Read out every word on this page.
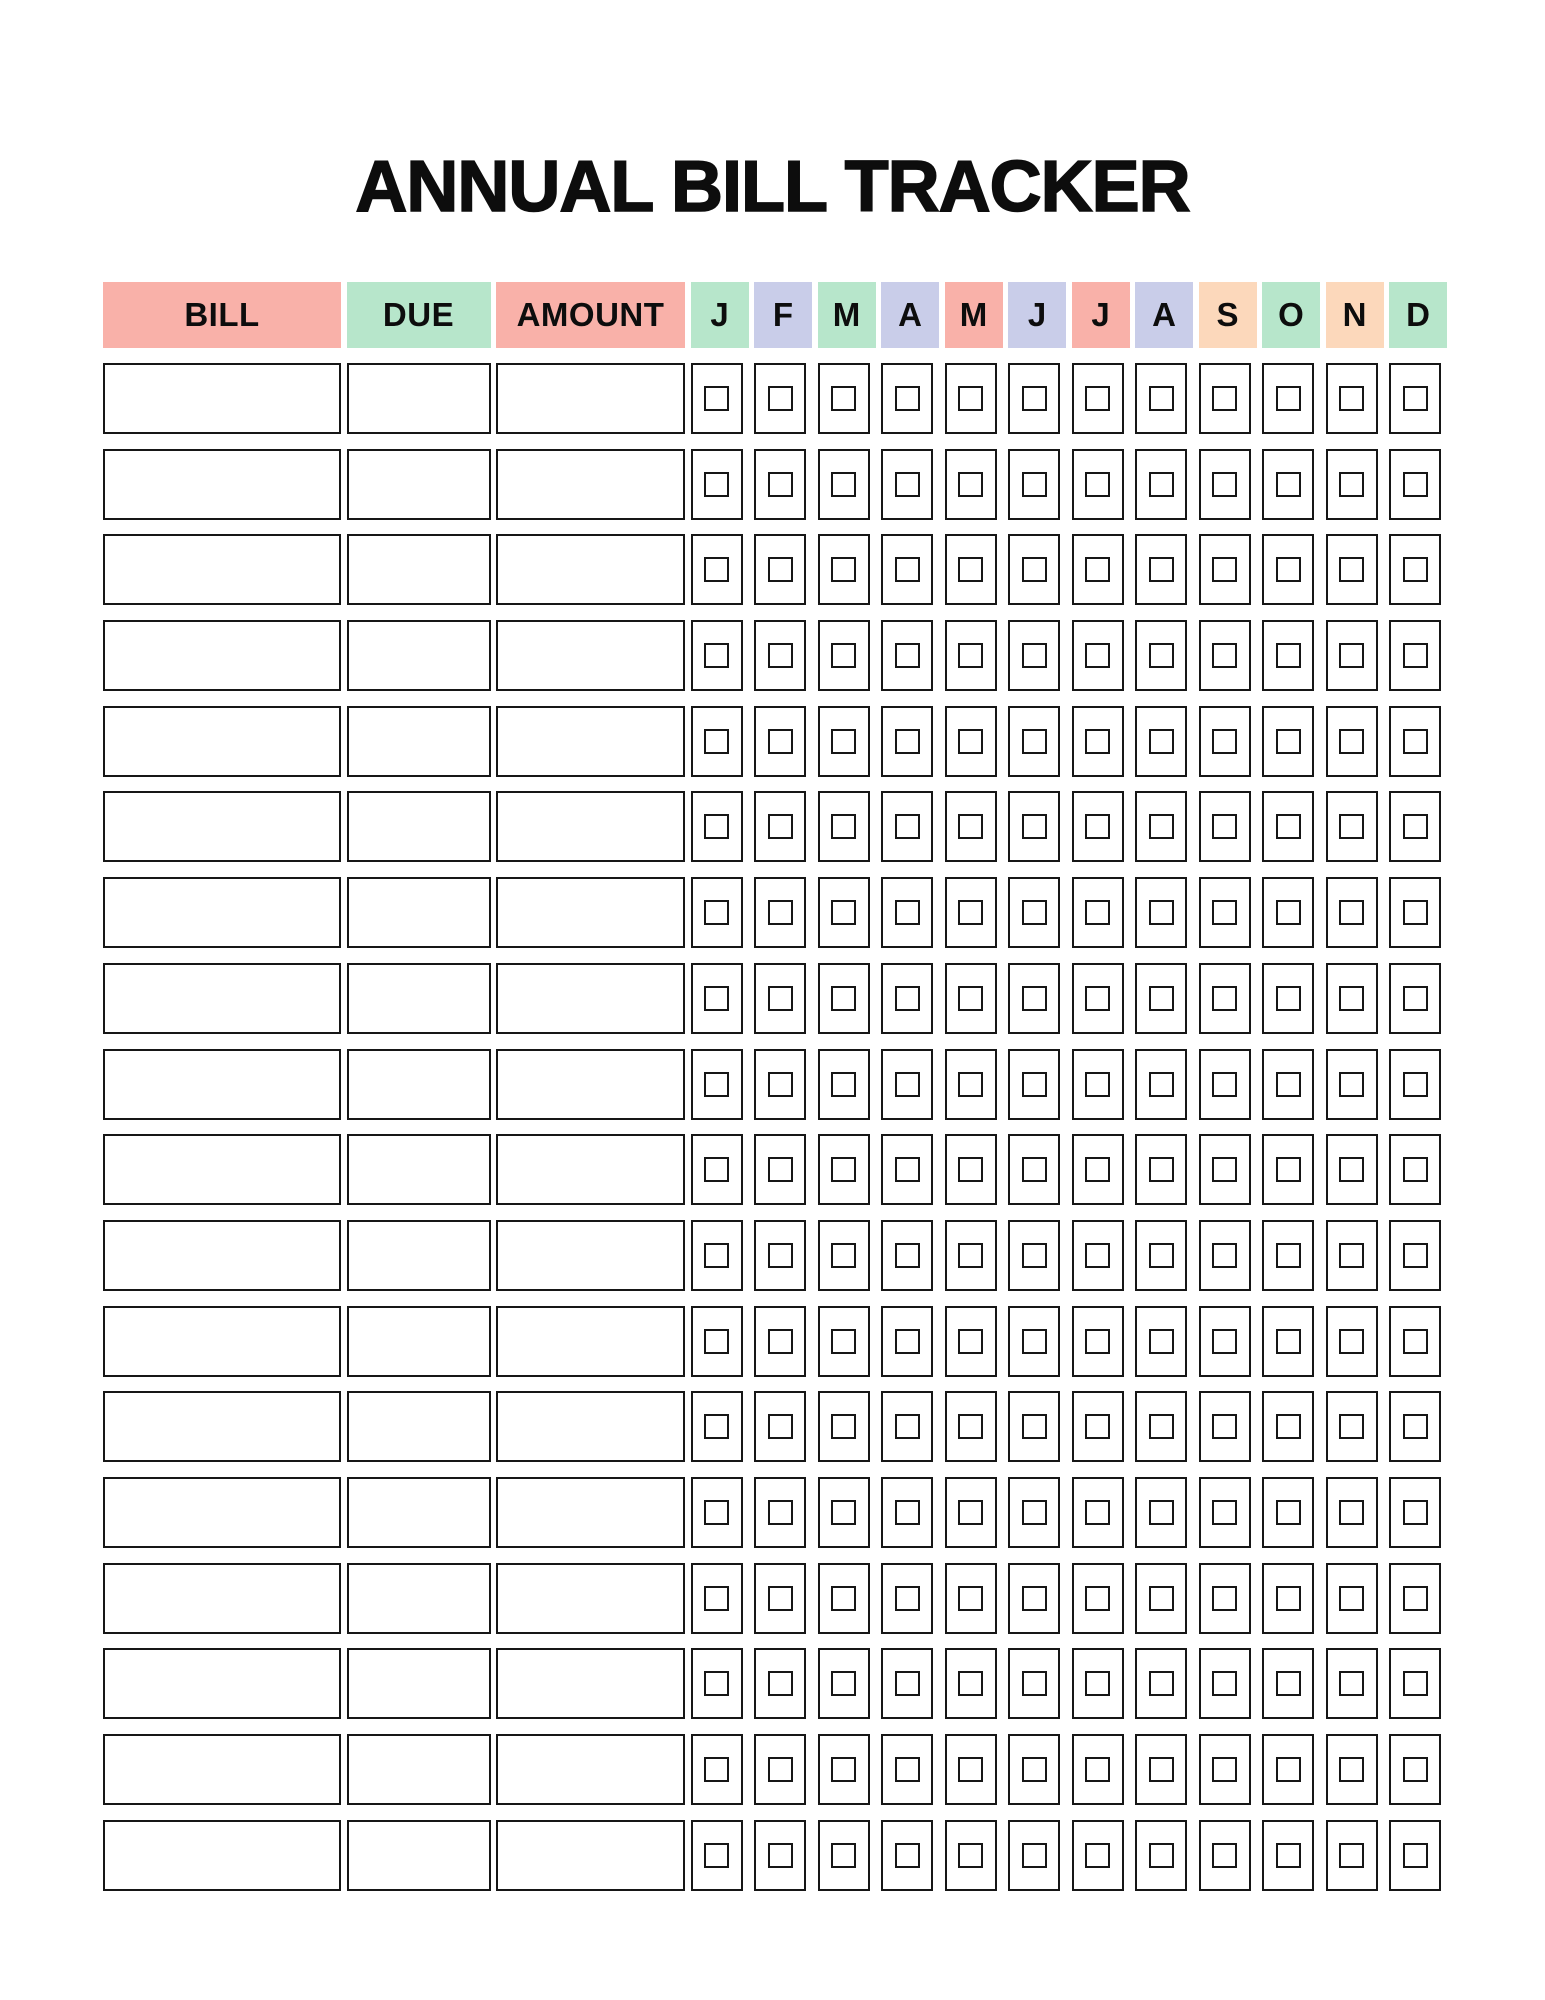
ANNUAL BILL TRACKER
BILL	DUE	AMOUNT	J	F	M	A	M	J	J	A	S	O	N	D
